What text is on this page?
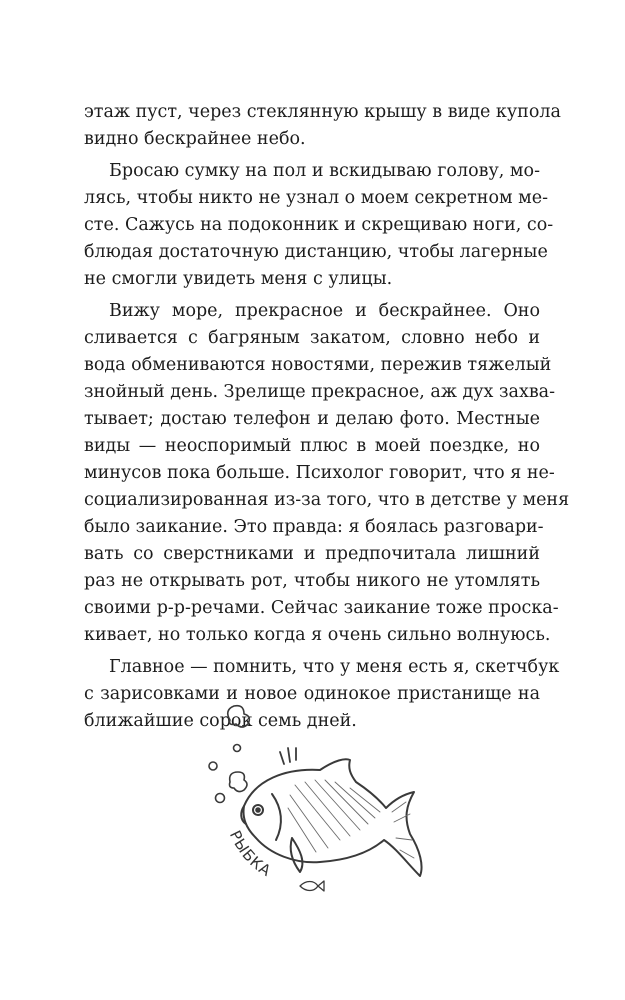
этаж пуст, через стеклянную крышу в виде купола
видно бескрайнее небо.
Бросаю сумку на пол и вскидываю голову, мо-
лясь, чтобы никто не узнал о моем секретном ме-
сте. Сажусь на подоконник и скрещиваю ноги, со-
блюдая достаточную дистанцию, чтобы лагерные
не смогли увидеть меня с улицы.
Вижу море, прекрасное и бескрайнее. Оно
сливается с багряным закатом, словно небо и
вода обмениваются новостями, пережив тяжелый
знойный день. Зрелище прекрасное, аж дух захва-
тывает; достаю телефон и делаю фото. Местные
виды — неоспоримый плюс в моей поездке, но
минусов пока больше. Психолог говорит, что я не-
социализированная из-за того, что в детстве у меня
было заикание. Это правда: я боялась разговари-
вать со сверстниками и предпочитала лишний
раз не открывать рот, чтобы никого не утомлять
своими р-р-речами. Сейчас заикание тоже проска-
кивает, но только когда я очень сильно волнуюсь.
Главное — помнить, что у меня есть я, скетчбук
с зарисовками и новое одинокое пристанище на
ближайшие сорок семь дней.
РЫБКА
